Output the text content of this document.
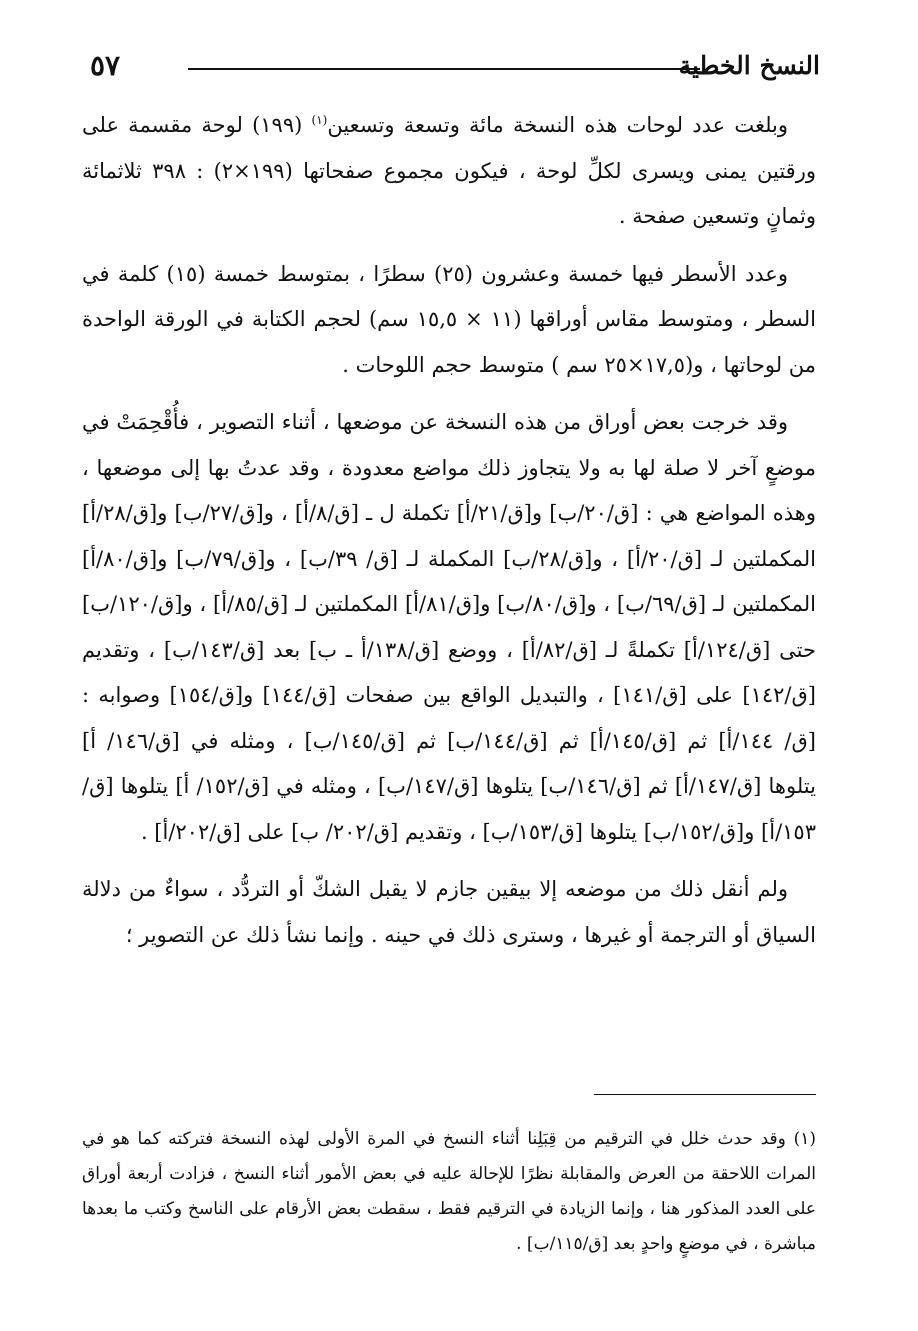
٥٧	النسخ الخطية

وبلغت عدد لوحات هذه النسخة مائة وتسعة وتسعين$^{(١)}$ (١٩٩) لوحة مقسمة على ورقتين يمنى ويسرى لكلِّ لوحة ، فيكون مجموع صفحاتها (١٩٩×٢) : ٣٩٨ ثلاثمائة وثمانٍ وتسعين صفحة .

وعدد الأسطر فيها خمسة وعشرون (٢٥) سطرًا ، بمتوسط خمسة (١٥) كلمة في السطر ، ومتوسط مقاس أوراقها (١١ × ١٥,٥ سم) لحجم الكتابة في الورقة الواحدة من لوحاتها ، و(١٧,٥×٢٥ سم ) متوسط حجم اللوحات .

وقد خرجت بعض أوراق من هذه النسخة عن موضعها ، أثناء التصوير ، فأُقْحِمَتْ في موضعٍ آخر لا صلة لها به ولا يتجاوز ذلك مواضع معدودة ، وقد عدتُ بها إلى موضعها ، وهذه المواضع هي : [ق/٢٠/ب] و[ق/٢١/أ] تكملة ل ـ [ق/٨/أ] ، و[ق/٢٧/ب] و[ق/٢٨/أ] المكملتين لـ [ق/٢٠/أ] ، و[ق/٢٨/ب] المكملة لـ [ق/ ٣٩/ب] ، و[ق/٧٩/ب] و[ق/٨٠/أ] المكملتين لـ [ق/٦٩/ب] ، و[ق/٨٠/ب] و[ق/٨١/أ] المكملتين لـ [ق/٨٥/أ] ، و[ق/١٢٠/ب] حتى [ق/١٢٤/أ] تكملةً لـ [ق/٨٢/أ] ، ووضع [ق/١٣٨/أ ـ ب] بعد [ق/١٤٣/ب] ، وتقديم [ق/١٤٢] على [ق/١٤١] ، والتبديل الواقع بين صفحات [ق/١٤٤] و[ق/١٥٤] وصوابه : [ق/ ١٤٤/أ] ثم [ق/١٤٥/أ] ثم [ق/١٤٤/ب] ثم [ق/١٤٥/ب] ، ومثله في [ق/١٤٦/ أ] يتلوها [ق/١٤٧/أ] ثم [ق/١٤٦/ب] يتلوها [ق/١٤٧/ب] ، ومثله في [ق/١٥٢/ أ] يتلوها [ق/١٥٣/أ] و[ق/١٥٢/ب] يتلوها [ق/١٥٣/ب] ، وتقديم [ق/٢٠٢/ ب] على [ق/٢٠٢/أ] .

ولم أنقل ذلك من موضعه إلا بيقين جازم لا يقبل الشكّ أو التردُّد ، سواءٌ من دلالة السياق أو الترجمة أو غيرها ، وسترى ذلك في حينه . وإنما نشأ ذلك عن التصوير ؛

(١) وقد حدث خلل في الترقيم من قِبَلِنا أثناء النسخ في المرة الأولى لهذه النسخة فتركته كما هو في المرات اللاحقة من العرض والمقابلة نظرًا للإحالة عليه في بعض الأمور أثناء النسخ ، فزادت أربعة أوراق على العدد المذكور هنا ، وإنما الزيادة في الترقيم فقط ، سقطت بعض الأرقام على الناسخ وكتب ما بعدها مباشرة ، في موضعٍ واحدٍ بعد [ق/١١٥/ب] .
